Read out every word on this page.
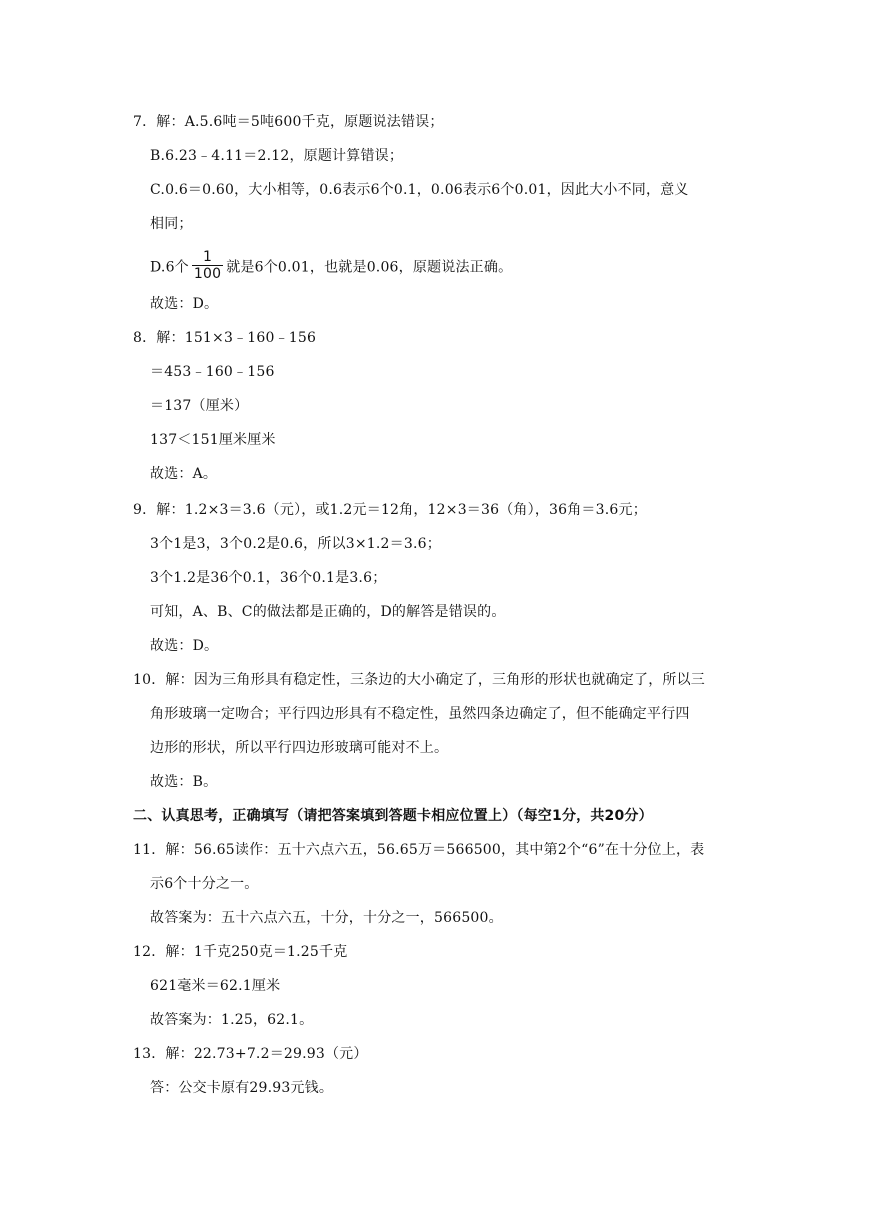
7．解：A.5.6吨＝5吨600千克，原题说法错误；
B.6.23﹣4.11＝2.12，原题计算错误；
C.0.6＝0.60，大小相等，0.6表示6个0.1，0.06表示6个0.01，因此大小不同，意义
相同；
D.6个 $\frac{1}{100}$ 就是6个0.01，也就是0.06，原题说法正确。
故选：D。
8．解：151×3﹣160﹣156
＝453﹣160﹣156
＝137（厘米）
137＜151厘米厘米
故选：A。
9．解：1.2×3＝3.6（元），或1.2元＝12角，12×3＝36（角），36角＝3.6元；
3个1是3，3个0.2是0.6，所以3×1.2＝3.6；
3个1.2是36个0.1，36个0.1是3.6；
可知，A、B、C的做法都是正确的，D的解答是错误的。
故选：D。
10．解：因为三角形具有稳定性，三条边的大小确定了，三角形的形状也就确定了，所以三
角形玻璃一定吻合；平行四边形具有不稳定性，虽然四条边确定了，但不能确定平行四
边形的形状，所以平行四边形玻璃可能对不上。
故选：B。
二、认真思考，正确填写（请把答案填到答题卡相应位置上）（每空1分，共20分）
11．解：56.65读作：五十六点六五，56.65万＝566500，其中第2个“6”在十分位上，表
示6个十分之一。
故答案为：五十六点六五，十分，十分之一，566500。
12．解：1千克250克＝1.25千克
621毫米＝62.1厘米
故答案为：1.25，62.1。
13．解：22.73+7.2＝29.93（元）
答：公交卡原有29.93元钱。
